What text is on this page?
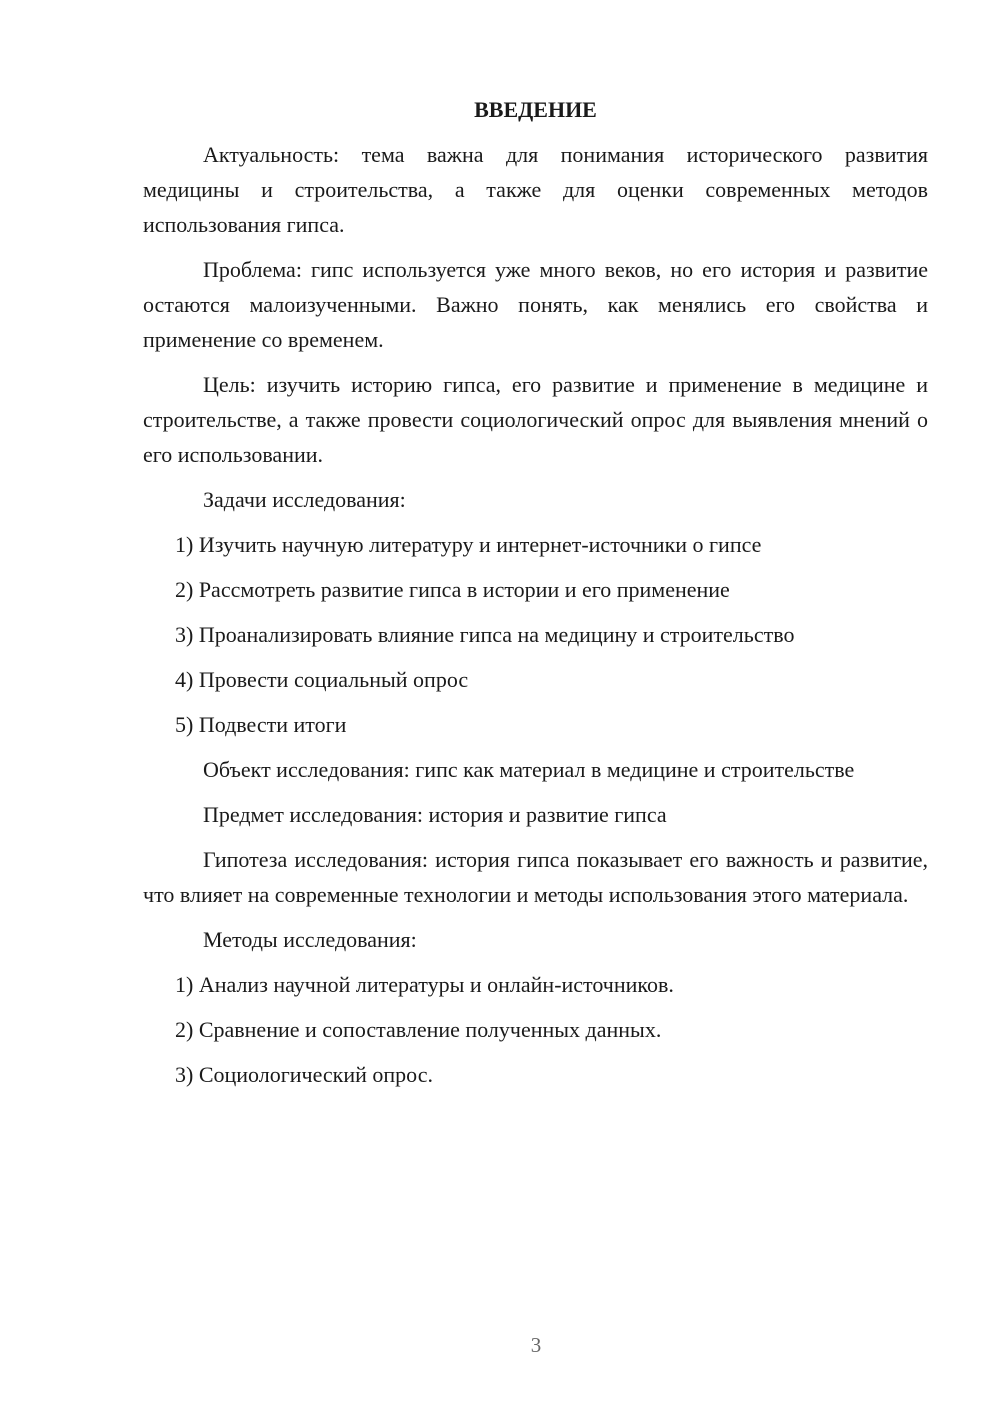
ВВЕДЕНИЕ

Актуальность: тема важна для понимания исторического развития медицины и строительства, а также для оценки современных методов использования гипса.

Проблема: гипс используется уже много веков, но его история и развитие остаются малоизученными. Важно понять, как менялись его свойства и применение со временем.

Цель: изучить историю гипса, его развитие и применение в медицине и строительстве, а также провести социологический опрос для выявления мнений о его использовании.

Задачи исследования:

1) Изучить научную литературу и интернет-источники о гипсе

2) Рассмотреть развитие гипса в истории и его применение

3) Проанализировать влияние гипса на медицину и строительство

4) Провести социальный опрос

5) Подвести итоги

Объект исследования: гипс как материал в медицине и строительстве

Предмет исследования: история и развитие гипса

Гипотеза исследования: история гипса показывает его важность и развитие, что влияет на современные технологии и методы использования этого материала.

Методы исследования:

1) Анализ научной литературы и онлайн-источников.

2) Сравнение и сопоставление полученных данных.

3) Социологический опрос.

3
